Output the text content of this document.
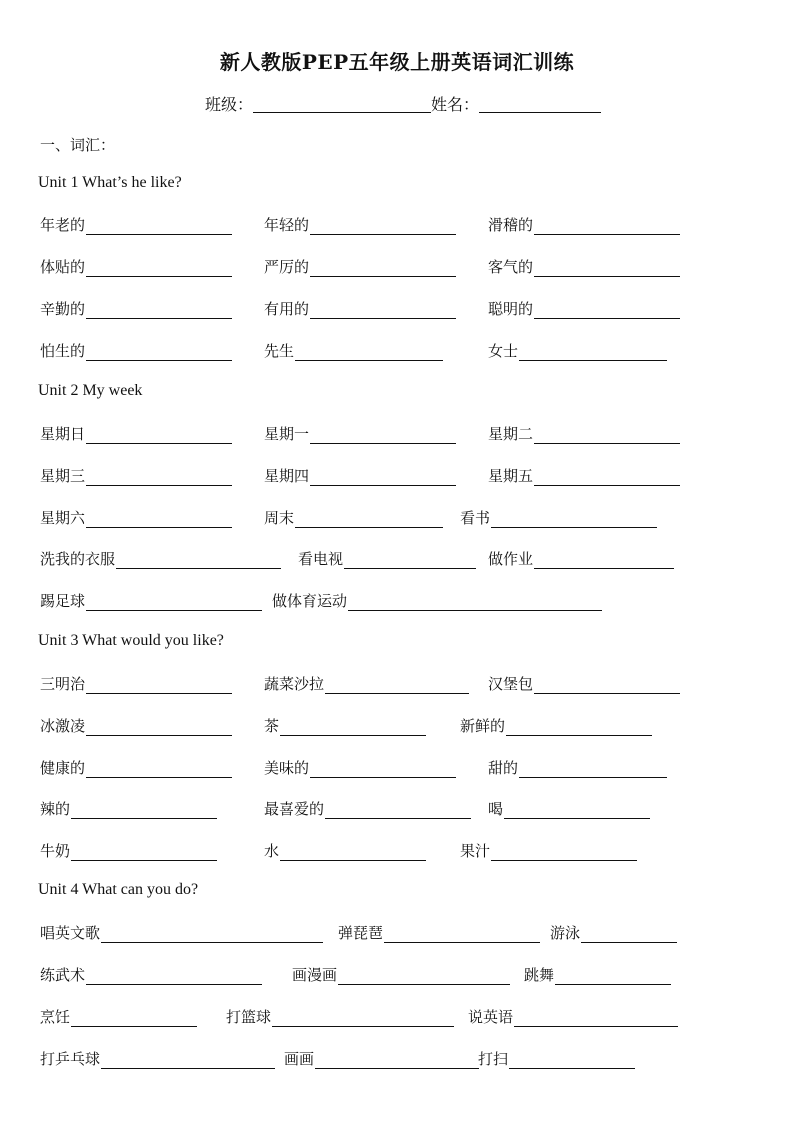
新人教版PEP五年级上册英语词汇训练
班级：	姓名：
一、词汇：
Unit 1 What’s he like?
年老的	年轻的	滑稽的
体贴的	严厉的	客气的
辛勤的	有用的	聪明的
怕生的	先生	女士
Unit 2 My week
星期日	星期一	星期二
星期三	星期四	星期五
星期六	周末	看书
洗我的衣服	看电视	做作业
踢足球	做体育运动
Unit 3 What would you like?
三明治	蔬菜沙拉	汉堡包
冰激凌	茶	新鲜的
健康的	美味的	甜的
辣的	最喜爱的	喝
牛奶	水	果汁
Unit 4 What can you do?
唱英文歌	弹琵琶	游泳
练武术	画漫画	跳舞
烹饪	打篮球	说英语
打乒乓球	画画	打扫
